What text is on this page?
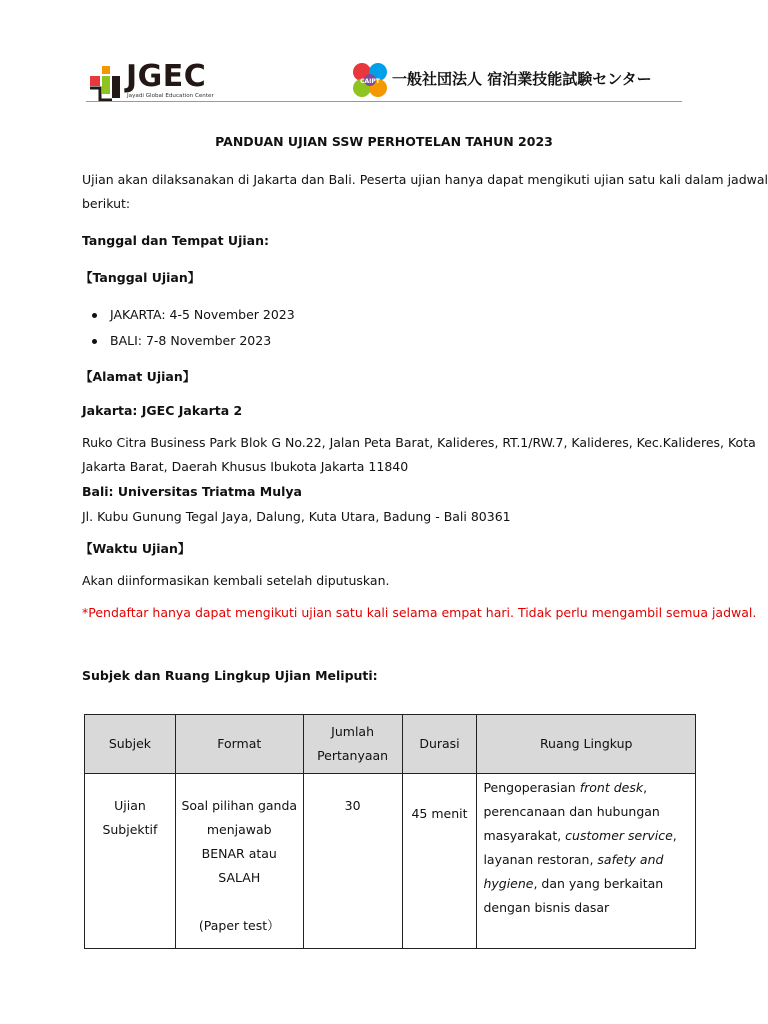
JGEC
Jayadi Global Education Center
CAIPT 一般社団法人 宿泊業技能試験センター
PANDUAN UJIAN SSW PERHOTELAN TAHUN 2023
Ujian akan dilaksanakan di Jakarta dan Bali. Peserta ujian hanya dapat mengikuti ujian satu kali dalam jadwal
berikut:
Tanggal dan Tempat Ujian:
【Tanggal Ujian】
JAKARTA: 4-5 November 2023
BALI: 7-8 November 2023
【Alamat Ujian】
Jakarta: JGEC Jakarta 2
Ruko Citra Business Park Blok G No.22, Jalan Peta Barat, Kalideres, RT.1/RW.7, Kalideres, Kec.Kalideres, Kota
Jakarta Barat, Daerah Khusus Ibukota Jakarta 11840
Bali: Universitas Triatma Mulya
Jl. Kubu Gunung Tegal Jaya, Dalung, Kuta Utara, Badung - Bali 80361
【Waktu Ujian】
Akan diinformasikan kembali setelah diputuskan.
*Pendaftar hanya dapat mengikuti ujian satu kali selama empat hari. Tidak perlu mengambil semua jadwal.
Subjek dan Ruang Lingkup Ujian Meliputi:
Subjek	Format	Jumlah Pertanyaan	Durasi	Ruang Lingkup
Ujian Subjektif	Soal pilihan ganda menjawab
BENAR atau SALAH
(Paper test）	30	45 menit	Pengoperasian front desk, perencanaan dan hubungan masyarakat, customer service, layanan restoran, safety and hygiene, dan yang berkaitan dengan bisnis dasar
